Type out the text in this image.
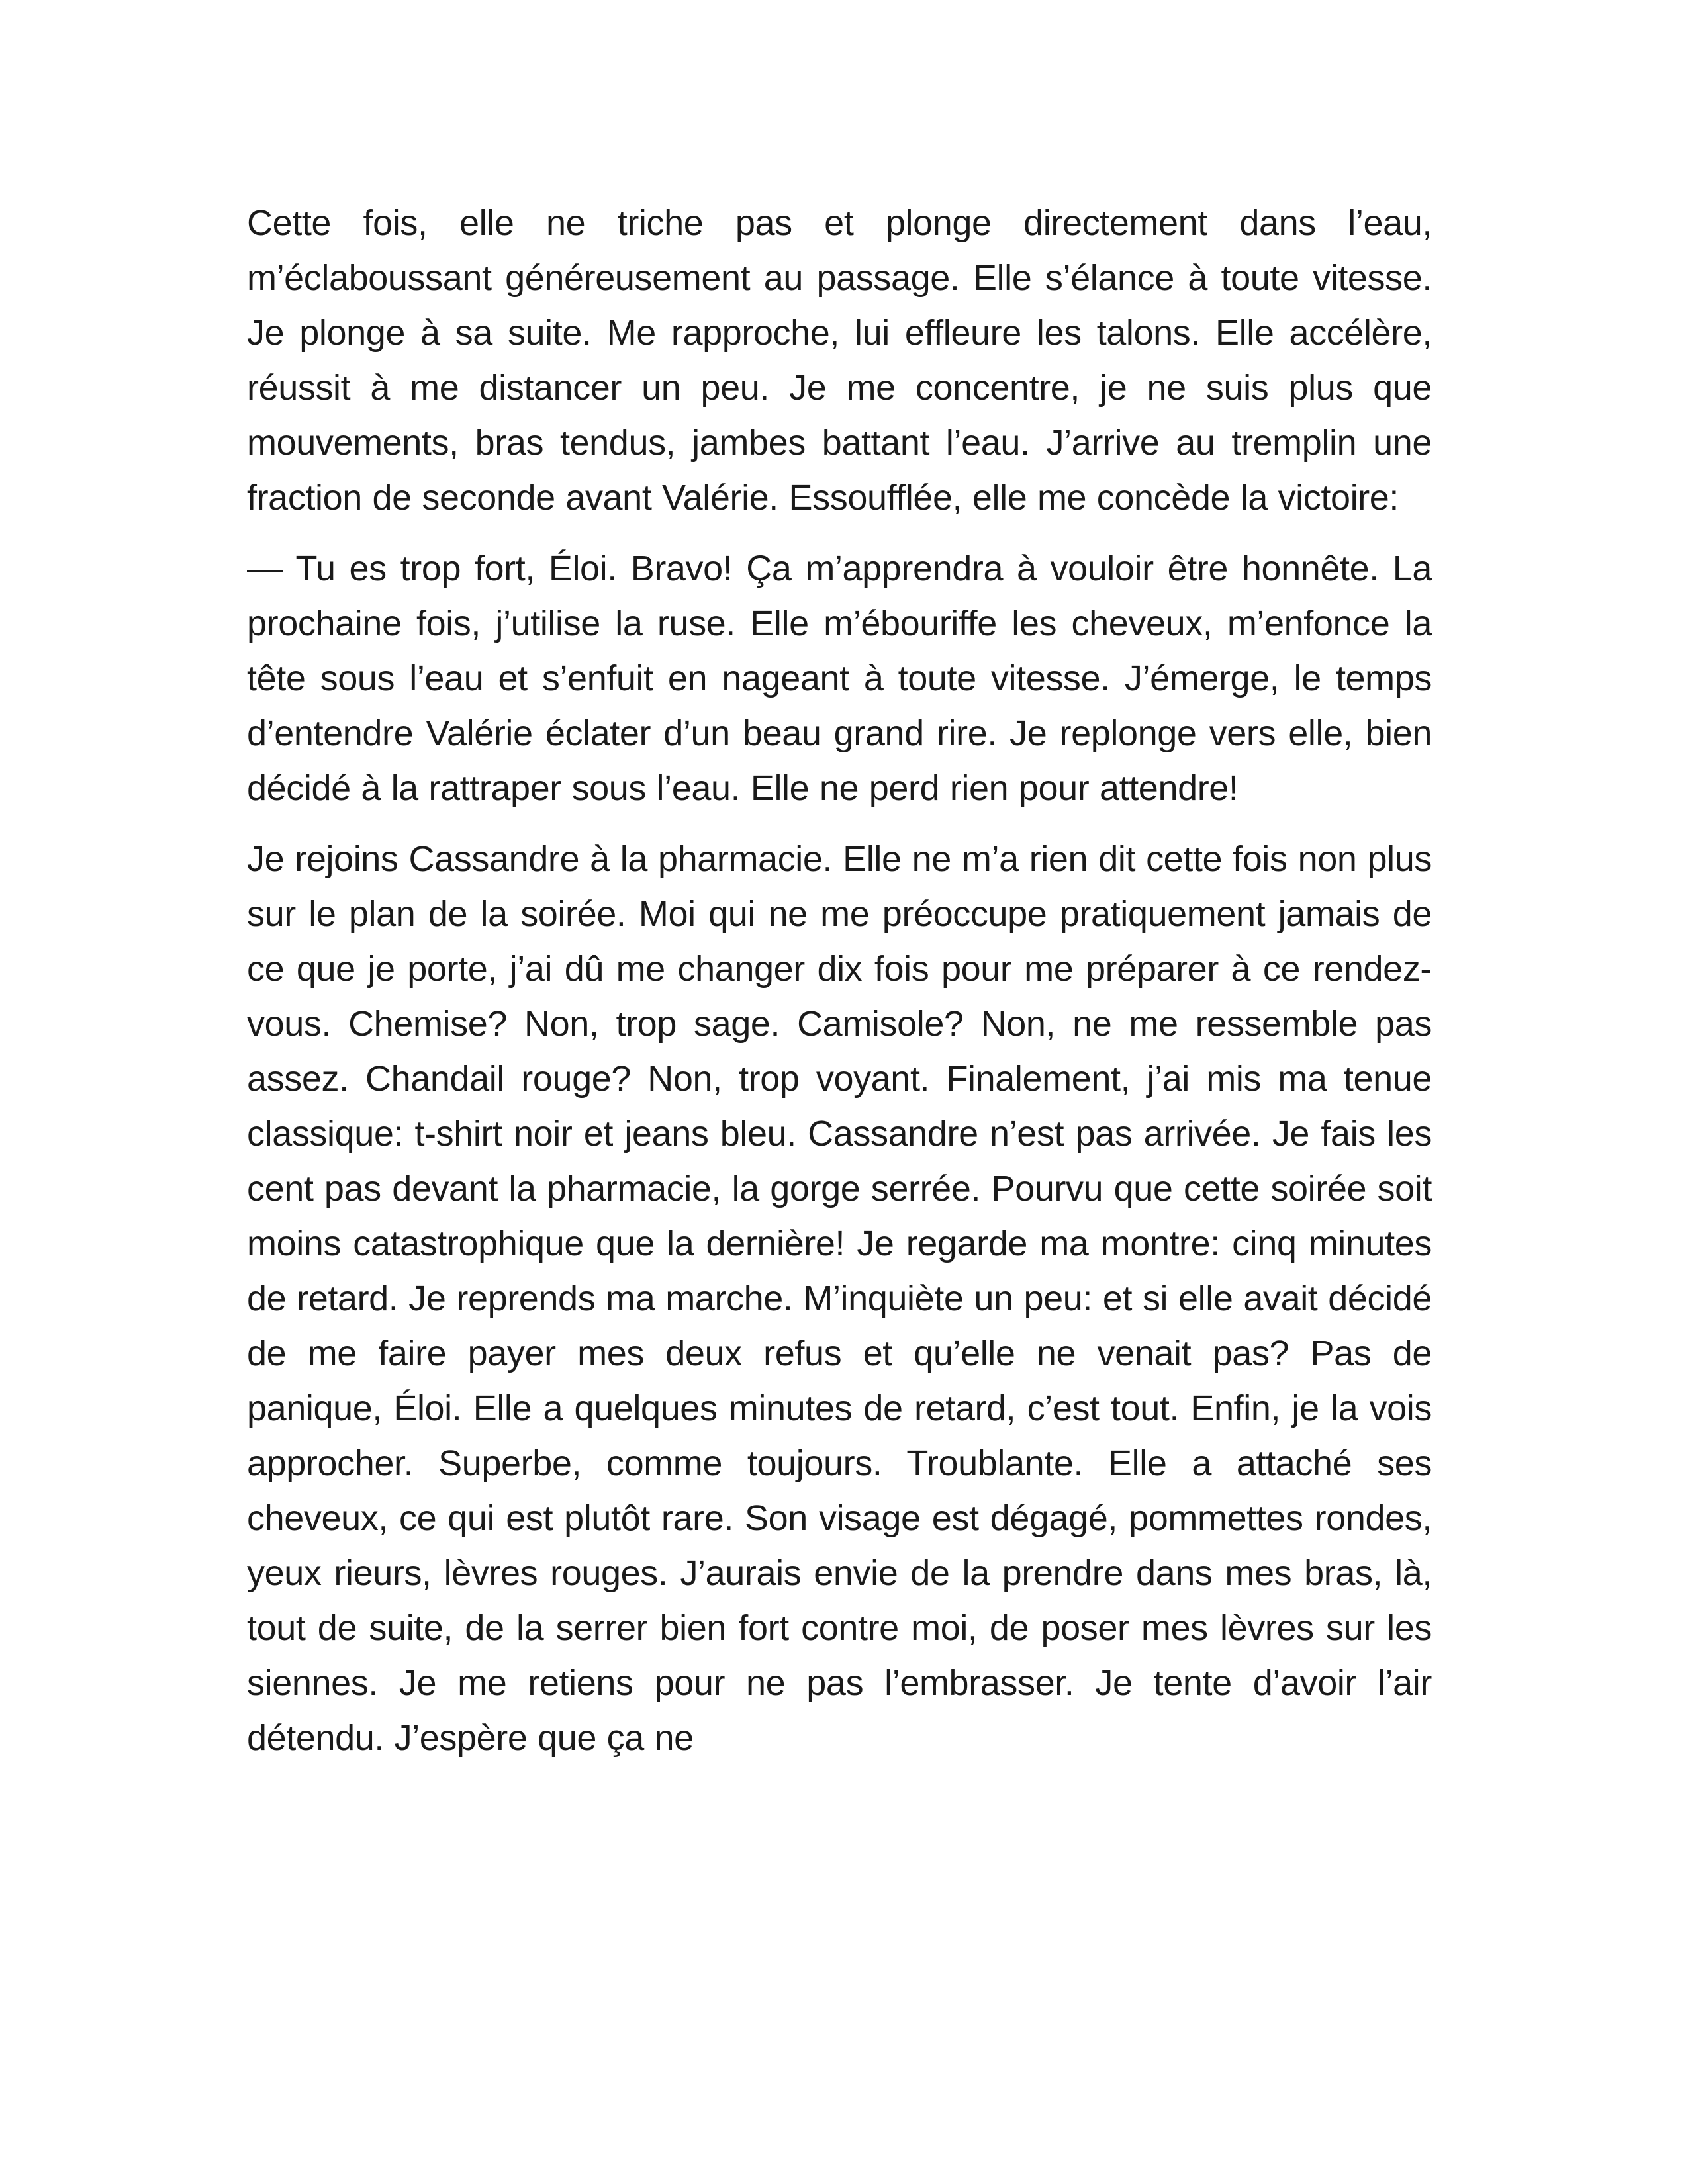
Cette fois, elle ne triche pas et plonge directement dans l’eau, m’éclaboussant généreusement au passage. Elle s’élance à toute vitesse. Je plonge à sa suite. Me rapproche, lui effleure les talons. Elle accélère, réussit à me distancer un peu. Je me concentre, je ne suis plus que mouvements, bras tendus, jambes battant l’eau. J’arrive au tremplin une fraction de seconde avant Valérie. Essoufflée, elle me concède la victoire:

— Tu es trop fort, Éloi. Bravo! Ça m’apprendra à vouloir être honnête. La prochaine fois, j’utilise la ruse. Elle m’ébouriffe les cheveux, m’enfonce la tête sous l’eau et s’enfuit en nageant à toute vitesse. J’émerge, le temps d’entendre Valérie éclater d’un beau grand rire. Je replonge vers elle, bien décidé à la rattraper sous l’eau. Elle ne perd rien pour attendre!

Je rejoins Cassandre à la pharmacie. Elle ne m’a rien dit cette fois non plus sur le plan de la soirée. Moi qui ne me préoccupe pratiquement jamais de ce que je porte, j’ai dû me changer dix fois pour me préparer à ce rendez-vous. Chemise? Non, trop sage. Camisole? Non, ne me ressemble pas assez. Chandail rouge? Non, trop voyant. Finalement, j’ai mis ma tenue classique: t-shirt noir et jeans bleu. Cassandre n’est pas arrivée. Je fais les cent pas devant la pharmacie, la gorge serrée. Pourvu que cette soirée soit moins catastrophique que la dernière! Je regarde ma montre: cinq minutes de retard. Je reprends ma marche. M’inquiète un peu: et si elle avait décidé de me faire payer mes deux refus et qu’elle ne venait pas? Pas de panique, Éloi. Elle a quelques minutes de retard, c’est tout. Enfin, je la vois approcher. Superbe, comme toujours. Troublante. Elle a attaché ses cheveux, ce qui est plutôt rare. Son visage est dégagé, pommettes rondes, yeux rieurs, lèvres rouges. J’aurais envie de la prendre dans mes bras, là, tout de suite, de la serrer bien fort contre moi, de poser mes lèvres sur les siennes. Je me retiens pour ne pas l’embrasser. Je tente d’avoir l’air détendu. J’espère que ça ne
